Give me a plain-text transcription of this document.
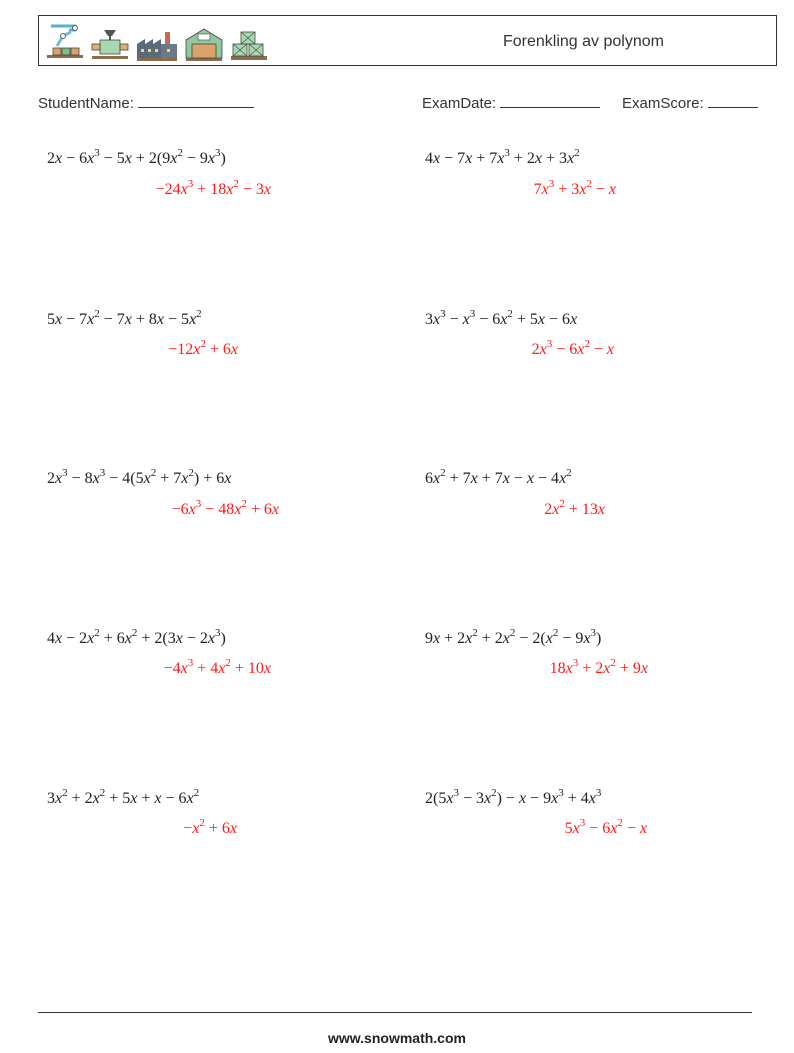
Forenkling av polynom
StudentName:	ExamDate:	ExamScore:
$2x - 6x^3 - 5x + 2(9x^2 - 9x^3)$
$-24x^3 + 18x^2 - 3x$
$4x - 7x + 7x^3 + 2x + 3x^2$
$7x^3 + 3x^2 - x$
$5x - 7x^2 - 7x + 8x - 5x^2$
$-12x^2 + 6x$
$3x^3 - x^3 - 6x^2 + 5x - 6x$
$2x^3 - 6x^2 - x$
$2x^3 - 8x^3 - 4(5x^2 + 7x^2) + 6x$
$-6x^3 - 48x^2 + 6x$
$6x^2 + 7x + 7x - x - 4x^2$
$2x^2 + 13x$
$4x - 2x^2 + 6x^2 + 2(3x - 2x^3)$
$-4x^3 + 4x^2 + 10x$
$9x + 2x^2 + 2x^2 - 2(x^2 - 9x^3)$
$18x^3 + 2x^2 + 9x$
$3x^2 + 2x^2 + 5x + x - 6x^2$
$-x^2 + 6x$
$2(5x^3 - 3x^2) - x - 9x^3 + 4x^3$
$5x^3 - 6x^2 - x$
www.snowmath.com
